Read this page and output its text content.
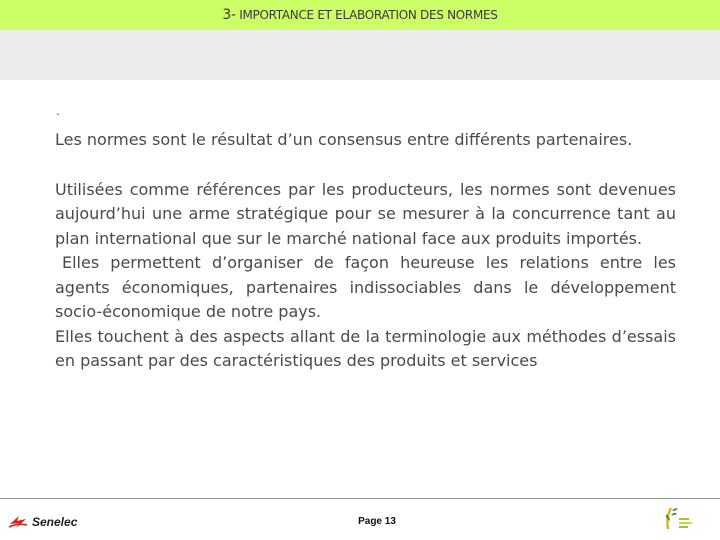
3- IMPORTANCE ET ELABORATION DES NORMES
.

Les normes sont le résultat d’un consensus entre différents partenaires.

Utilisées comme références par les producteurs, les normes sont devenues aujourd’hui une arme stratégique pour se mesurer à la concurrence tant au plan international que sur le marché national face aux produits importés.

Elles permettent d’organiser de façon heureuse les relations entre les agents économiques, partenaires indissociables dans le développement socio-économique de notre pays.

Elles touchent à des aspects allant de la terminologie aux méthodes d’essais en passant par des caractéristiques des produits et services

Senelec	Page 13
